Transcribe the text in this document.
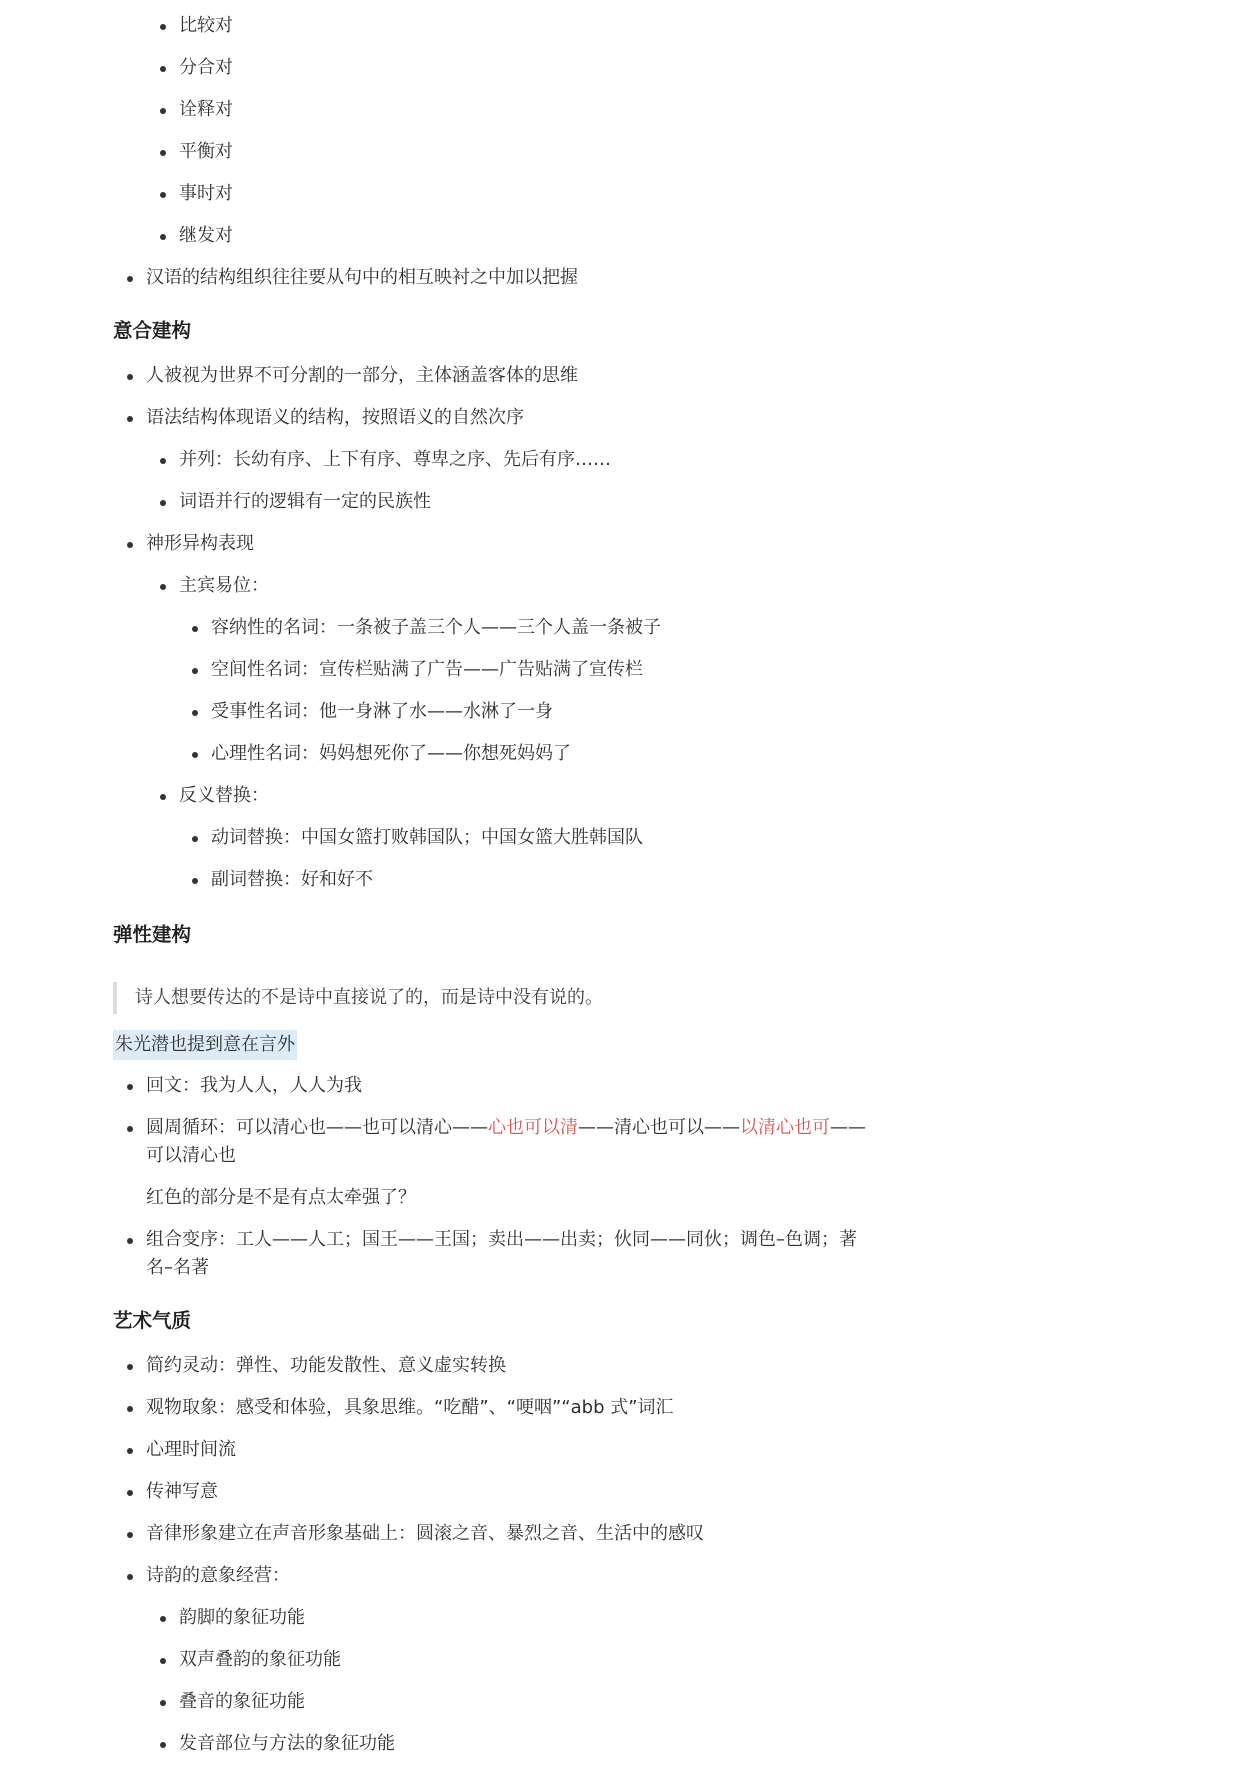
比较对
分合对
诠释对
平衡对
事时对
继发对
汉语的结构组织往往要从句中的相互映衬之中加以把握
意合建构
人被视为世界不可分割的一部分，主体涵盖客体的思维
语法结构体现语义的结构，按照语义的自然次序
并列：长幼有序、上下有序、尊卑之序、先后有序……
词语并行的逻辑有一定的民族性
神形异构表现
主宾易位：
容纳性的名词：一条被子盖三个人——三个人盖一条被子
空间性名词：宣传栏贴满了广告——广告贴满了宣传栏
受事性名词：他一身淋了水——水淋了一身
心理性名词：妈妈想死你了——你想死妈妈了
反义替换：
动词替换：中国女篮打败韩国队；中国女篮大胜韩国队
副词替换：好和好不
弹性建构
诗人想要传达的不是诗中直接说了的，而是诗中没有说的。
朱光潜也提到意在言外
回文：我为人人，人人为我
圆周循环：可以清心也——也可以清心——心也可以清——清心也可以——以清心也可——可以清心也
红色的部分是不是有点太牵强了？
组合变序：工人——人工；国王——王国；卖出——出卖；伙同——同伙；调色–色调；著名–名著
艺术气质
简约灵动：弹性、功能发散性、意义虚实转换
观物取象：感受和体验，具象思维。“吃醋”、“哽咽”“abb 式”词汇
心理时间流
传神写意
音律形象建立在声音形象基础上：圆滚之音、暴烈之音、生活中的感叹
诗韵的意象经营：
韵脚的象征功能
双声叠韵的象征功能
叠音的象征功能
发音部位与方法的象征功能
